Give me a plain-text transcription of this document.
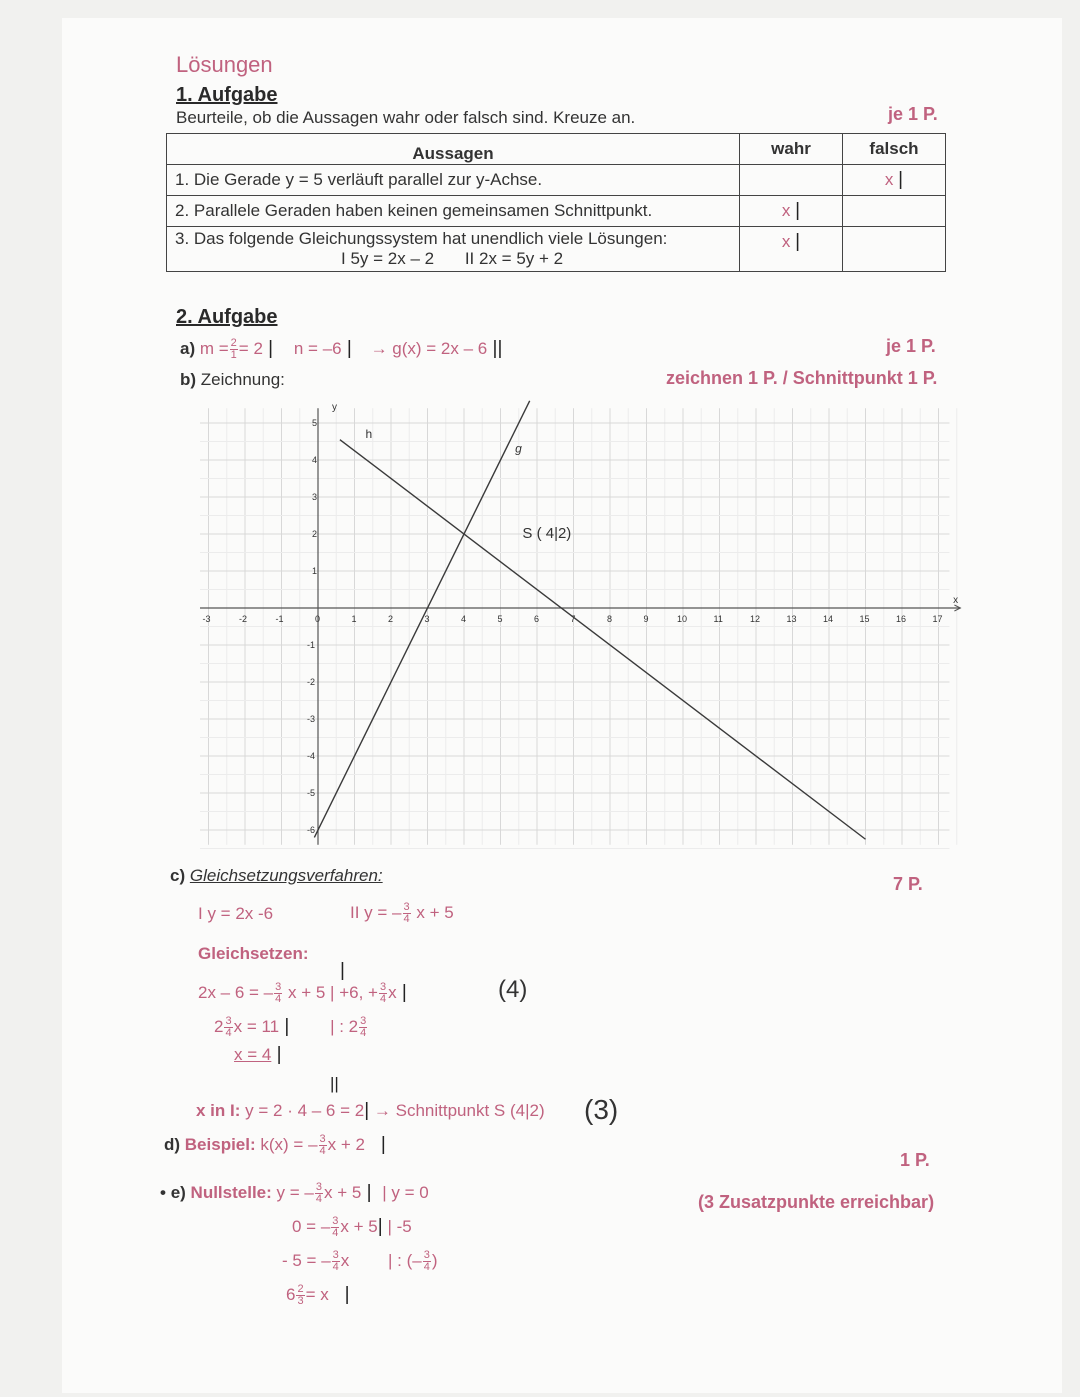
Lösungen
1. Aufgabe
Beurteile, ob die Aussagen wahr oder falsch sind. Kreuze an.	je 1 P.
Aussagen	wahr	falsch
1. Die Gerade y = 5 verläuft parallel zur y-Achse.		x |
2. Parallele Geraden haben keinen gemeinsamen Schnittpunkt.	x |	
3. Das folgende Gleichungssystem hat unendlich viele Lösungen:
I 5y = 2x – 2 II 2x = 5y + 2	x |	
2. Aufgabe
a) $m = \frac{2}{1} = 2$ | n = –6 | → g(x) = 2x – 6 ||	je 1 P.
b) Zeichnung:	zeichnen 1 P. / Schnittpunkt 1 P.
-3	-2	-1	0	1	2	3	4	5	6	7	8	9	10	11	12	13	14	15	16	17
1
2
3
4
5
-1
-2
-3
-4
-5
-6
x
y
g
h
S ( 4|2)
c) Gleichsetzungsverfahren:	7 P.
I y = 2x -6	II y = – $\frac{3}{4}$ x + 5
Gleichsetzen:
2x – 6 = – $\frac{3}{4}$ x + 5 | +6, + $\frac{3}{4}$ x |
|
$2 \frac{3}{4}$ x = 11 | | : $2 \frac{3}{4}$
x = 4 |
(4)
||
x in I: y = 2 · 4 – 6 = 2| → Schnittpunkt S (4|2) (3)
d) Beispiel: k(x) = – $\frac{3}{4}$ x + 2   |
1 P.
• e) Nullstelle: y = – $\frac{3}{4}$ x + 5 | | y = 0	(3 Zusatzpunkte erreichbar)
0 = – $\frac{3}{4}$ x + 5| | -5
- 5 = – $\frac{3}{4}$ x | : (– $\frac{3}{4}$ )
$6 \frac{2}{3} = x$   |
